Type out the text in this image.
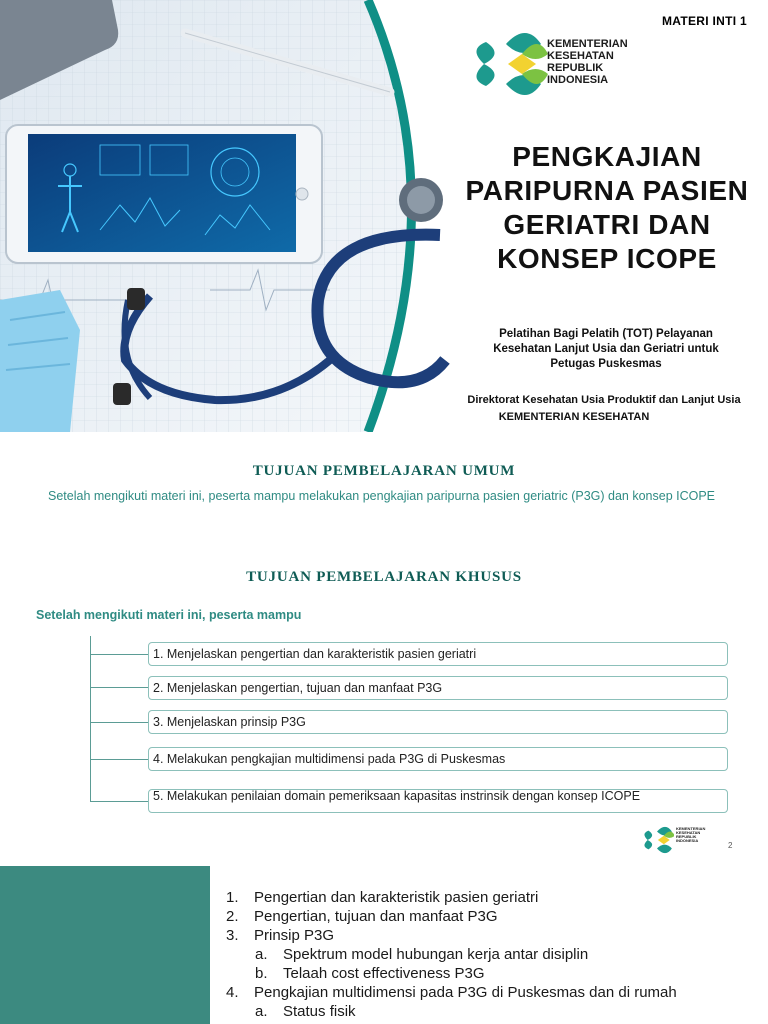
MATERI INTI 1
KEMENTERIAN
KESEHATAN
REPUBLIK
INDONESIA
PENGKAJIAN
PARIPURNA PASIEN
GERIATRI DAN
KONSEP ICOPE
Pelatihan Bagi Pelatih (TOT) Pelayanan
Kesehatan Lanjut Usia dan Geriatri untuk
Petugas Puskesmas
Direktorat Kesehatan Usia Produktif dan Lanjut Usia
KEMENTERIAN KESEHATAN
TUJUAN PEMBELAJARAN UMUM
Setelah mengikuti materi ini, peserta mampu melakukan pengkajian paripurna pasien geriatric (P3G) dan konsep ICOPE
TUJUAN PEMBELAJARAN KHUSUS
Setelah mengikuti materi ini, peserta mampu
1. Menjelaskan pengertian dan karakteristik pasien geriatri
2. Menjelaskan pengertian, tujuan dan manfaat P3G
3. Menjelaskan prinsip P3G
4. Melakukan pengkajian multidimensi pada P3G di Puskesmas
5. Melakukan penilaian domain pemeriksaan kapasitas instrinsik dengan konsep ICOPE
KEMENTERIAN
KESEHATAN
REPUBLIK
INDONESIA
2
1. Pengertian dan karakteristik pasien geriatri
2. Pengertian, tujuan dan manfaat P3G
3. Prinsip P3G
a. Spektrum model hubungan kerja antar disiplin
b. Telaah cost effectiveness P3G
4. Pengkajian multidimensi pada P3G di Puskesmas dan di rumah
a. Status fisik
